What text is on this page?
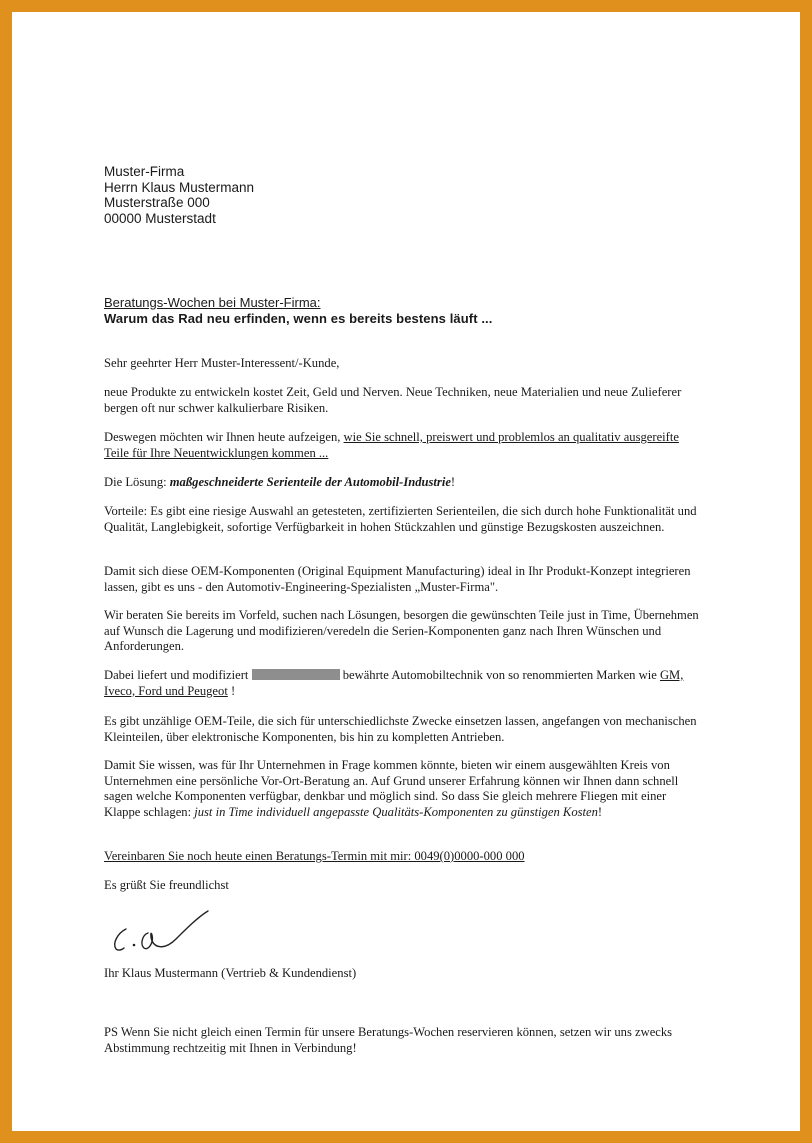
Muster-Firma
Herrn Klaus Mustermann
Musterstraße 000
00000 Musterstadt
Beratungs-Wochen bei Muster-Firma:
Warum das Rad neu erfinden, wenn es bereits bestens läuft ...

Sehr geehrter Herr Muster-Interessent/-Kunde,

neue Produkte zu entwickeln kostet Zeit, Geld und Nerven. Neue Techniken, neue Materialien und neue Zulieferer bergen oft nur schwer kalkulierbare Risiken.

Deswegen möchten wir Ihnen heute aufzeigen, wie Sie schnell, preiswert und problemlos an qualitativ ausgereifte Teile für Ihre Neuentwicklungen kommen ...

Die Lösung: maßgeschneiderte Serienteile der Automobil-Industrie!

Vorteile: Es gibt eine riesige Auswahl an getesteten, zertifizierten Serienteilen, die sich durch hohe Funktionalität und Qualität, Langlebigkeit, sofortige Verfügbarkeit in hohen Stückzahlen und günstige Bezugskosten auszeichnen.

Damit sich diese OEM-Komponenten (Original Equipment Manufacturing) ideal in Ihr Produkt-Konzept integrieren lassen, gibt es uns - den Automotiv-Engineering-Spezialisten „Muster-Firma".

Wir beraten Sie bereits im Vorfeld, suchen nach Lösungen, besorgen die gewünschten Teile just in Time, Übernehmen auf Wunsch die Lagerung und modifizieren/veredeln die Serien-Komponenten ganz nach Ihren Wünschen und Anforderungen.

Dabei liefert und modifiziert	bewährte Automobiltechnik von so renommierten Marken wie GM, Iveco, Ford und Peugeot !

Es gibt unzählige OEM-Teile, die sich für unterschiedlichste Zwecke einsetzen lassen, angefangen von mechanischen Kleinteilen, über elektronische Komponenten, bis hin zu kompletten Antrieben.

Damit Sie wissen, was für Ihr Unternehmen in Frage kommen könnte, bieten wir einem ausgewählten Kreis von Unternehmen eine persönliche Vor-Ort-Beratung an. Auf Grund unserer Erfahrung können wir Ihnen dann schnell sagen welche Komponenten verfügbar, denkbar und möglich sind. So dass Sie gleich mehrere Fliegen mit einer Klappe schlagen: just in Time individuell angepasste Qualitäts-Komponenten zu günstigen Kosten!

Vereinbaren Sie noch heute einen Beratungs-Termin mit mir: 0049(0)0000-000 000

Es grüßt Sie freundlichst

Ihr Klaus Mustermann (Vertrieb & Kundendienst)

PS Wenn Sie nicht gleich einen Termin für unsere Beratungs-Wochen reservieren können, setzen wir uns zwecks Abstimmung rechtzeitig mit Ihnen in Verbindung!
